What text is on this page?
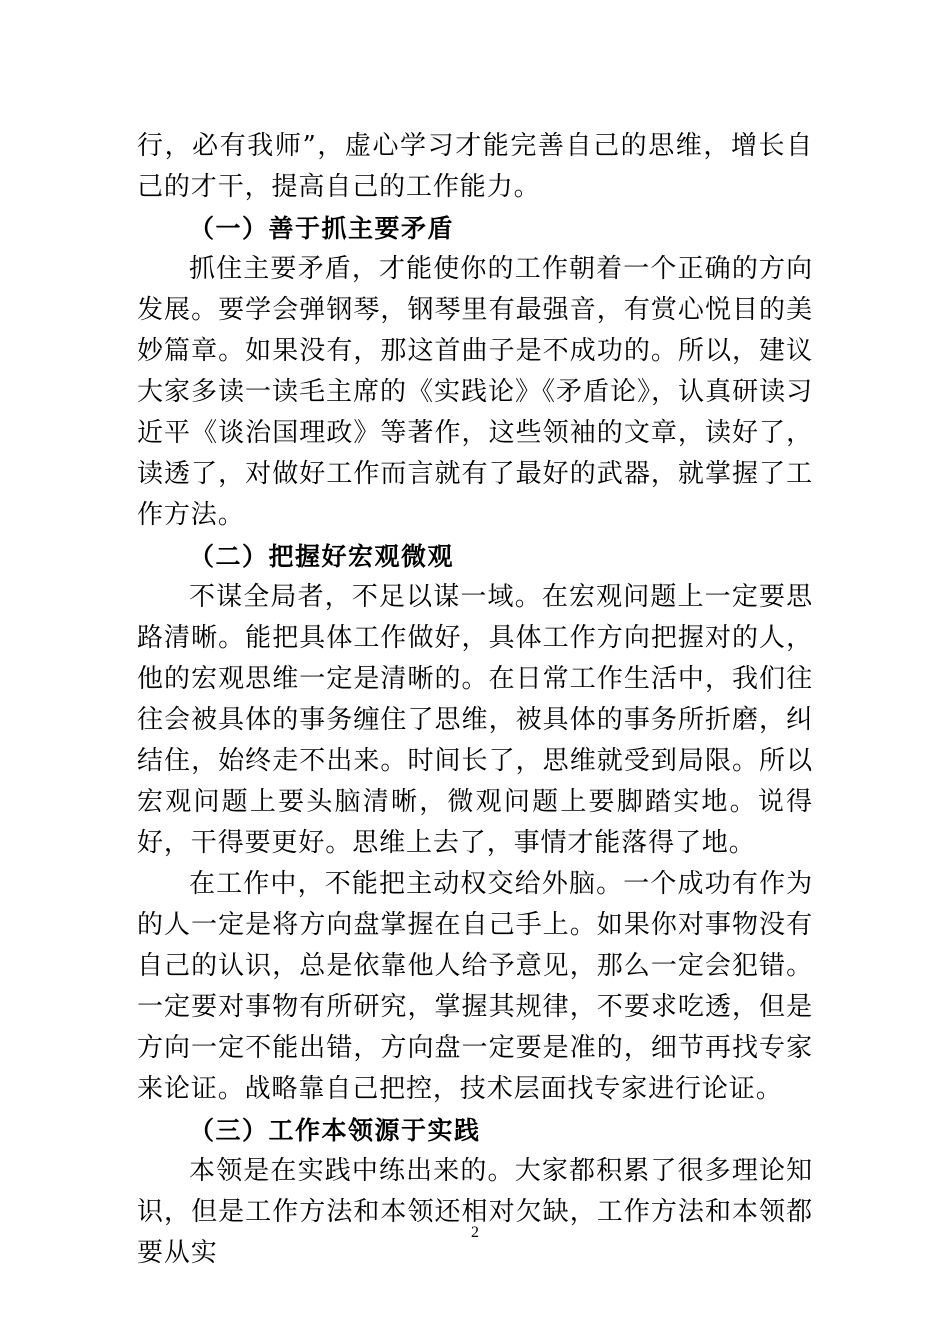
行，必有我师”，虚心学习才能完善自己的思维，增长自己的才干，提高自己的工作能力。

（一）善于抓主要矛盾

抓住主要矛盾，才能使你的工作朝着一个正确的方向发展。要学会弹钢琴，钢琴里有最强音，有赏心悦目的美妙篇章。如果没有，那这首曲子是不成功的。所以，建议大家多读一读毛主席的《实践论》《矛盾论》，认真研读习近平《谈治国理政》等著作，这些领袖的文章，读好了，读透了，对做好工作而言就有了最好的武器，就掌握了工作方法。

（二）把握好宏观微观

不谋全局者，不足以谋一域。在宏观问题上一定要思路清晰。能把具体工作做好，具体工作方向把握对的人，他的宏观思维一定是清晰的。在日常工作生活中，我们往往会被具体的事务缠住了思维，被具体的事务所折磨，纠结住，始终走不出来。时间长了，思维就受到局限。所以宏观问题上要头脑清晰，微观问题上要脚踏实地。说得好，干得要更好。思维上去了，事情才能落得了地。

在工作中，不能把主动权交给外脑。一个成功有作为的人一定是将方向盘掌握在自己手上。如果你对事物没有自己的认识，总是依靠他人给予意见，那么一定会犯错。一定要对事物有所研究，掌握其规律，不要求吃透，但是方向一定不能出错，方向盘一定要是准的，细节再找专家来论证。战略靠自己把控，技术层面找专家进行论证。

（三）工作本领源于实践

本领是在实践中练出来的。大家都积累了很多理论知识，但是工作方法和本领还相对欠缺，工作方法和本领都要从实

2
